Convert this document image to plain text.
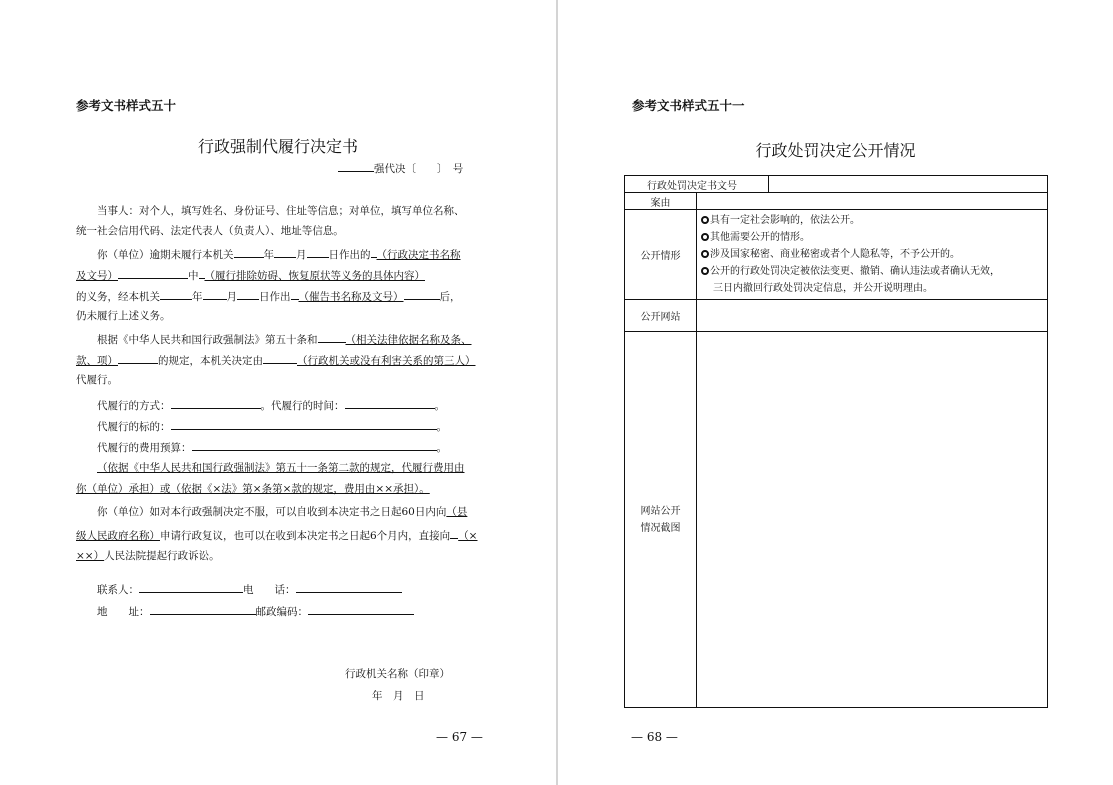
参考文书样式五十
行政强制代履行决定书
强代决〔　　〕　号
当事人：对个人，填写姓名、身份证号、住址等信息；对单位，填写单位名称、
统一社会信用代码、法定代表人（负责人）、地址等信息。
你（单位）逾期未履行本机关	年 月 日作出的 （行政决定书名称
及文号）	中 （履行排除妨碍、恢复原状等义务的具体内容）
的义务，经本机关	年 月 日作出 （催告书名称及文号）	后，
仍未履行上述义务。
根据《中华人民共和国行政强制法》第五十条和	（相关法律依据名称及条、
款、项）	的规定，本机关决定由	（行政机关或没有利害关系的第三人）
代履行。
代履行的方式：	。代履行的时间：	。
代履行的标的：	。
代履行的费用预算：	。
（依据《中华人民共和国行政强制法》第五十一条第二款的规定，代履行费用由
你（单位）承担）或（依据《×法》第×条第×款的规定，费用由××承担）。
你（单位）如对本行政强制决定不服，可以自收到本决定书之日起60日内向（县
级人民政府名称）申请行政复议，也可以在收到本决定书之日起6个月内，直接向 （×
××）人民法院提起行政诉讼。
联系人：	电　　话：
地　　址：	邮政编码：
行政机关名称（印章）
年　月　日
— 67 —
参考文书样式五十一
行政处罚决定公开情况
行政处罚决定书文号		
案由		
公开情形	具有一定社会影响的，依法公开。
其他需要公开的情形。
涉及国家秘密、商业秘密或者个人隐私等，不予公开的。
公开的行政处罚决定被依法变更、撤销、确认违法或者确认无效，
三日内撤回行政处罚决定信息，并公开说明理由。	

公开网站		

网站公开
情况截图		

— 68 —
